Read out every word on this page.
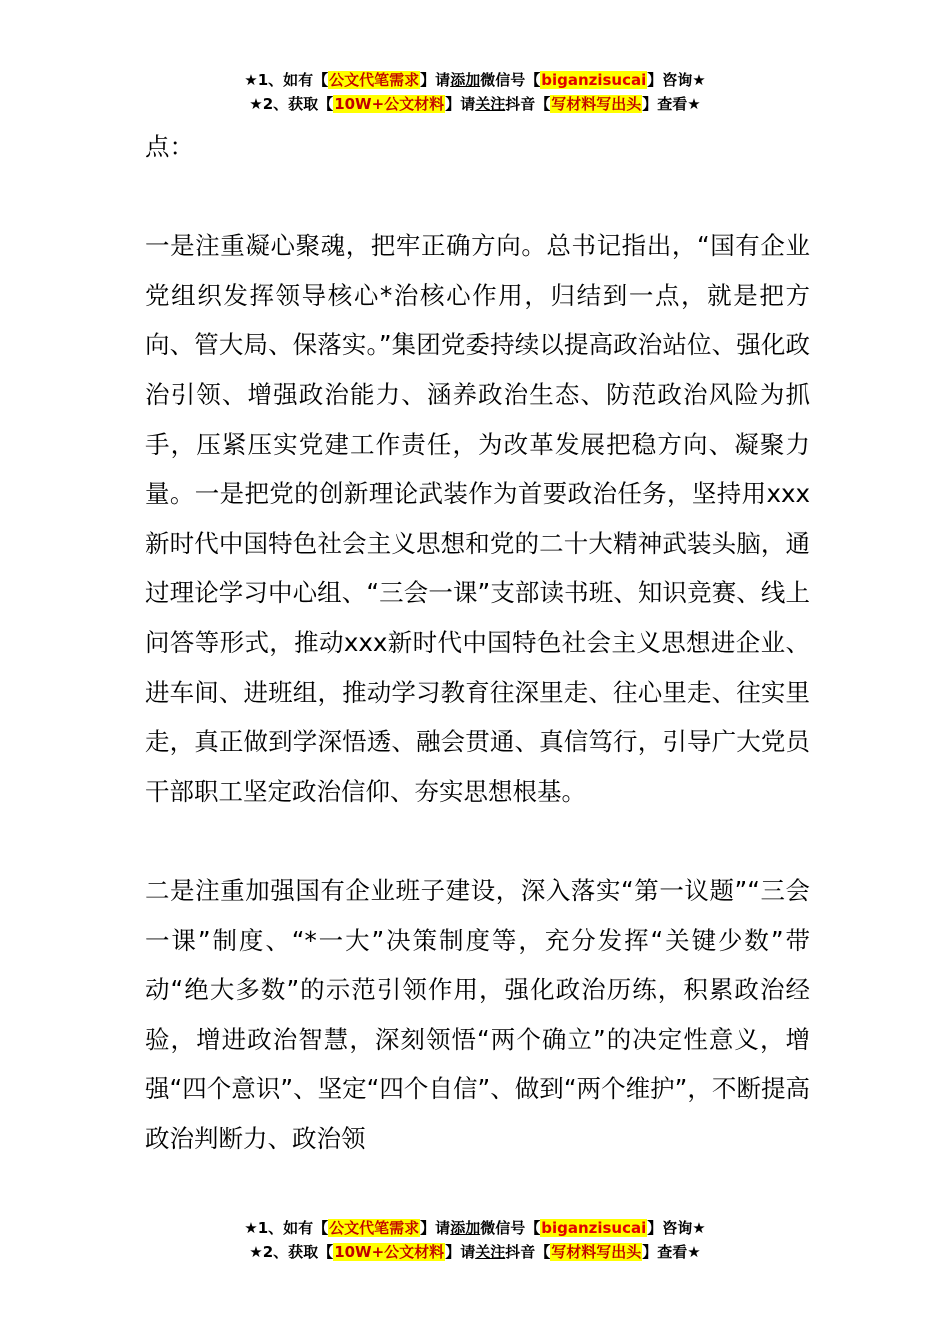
★1、如有【公文代笔需求】请添加微信号【biganzisucai】咨询★
★2、获取【10W+公文材料】请关注抖音【写材料写出头】查看★

点：

一是注重凝心聚魂，把牢正确方向。总书记指出，“国有企业党组织发挥领导核心*治核心作用，归结到一点，就是把方向、管大局、保落实。”集团党委持续以提高政治站位、强化政治引领、增强政治能力、涵养政治生态、防范政治风险为抓手，压紧压实党建工作责任，为改革发展把稳方向、凝聚力量。一是把党的创新理论武装作为首要政治任务，坚持用xxx新时代中国特色社会主义思想和党的二十大精神武装头脑，通过理论学习中心组、“三会一课”支部读书班、知识竞赛、线上问答等形式，推动xxx新时代中国特色社会主义思想进企业、进车间、进班组，推动学习教育往深里走、往心里走、往实里走，真正做到学深悟透、融会贯通、真信笃行，引导广大党员干部职工坚定政治信仰、夯实思想根基。

二是注重加强国有企业班子建设，深入落实“第一议题”“三会一课”制度、“*一大”决策制度等，充分发挥“关键少数”带动“绝大多数”的示范引领作用，强化政治历练，积累政治经验，增进政治智慧，深刻领悟“两个确立”的决定性意义，增强“四个意识”、坚定“四个自信”、做到“两个维护”，不断提高政治判断力、政治领

★1、如有【公文代笔需求】请添加微信号【biganzisucai】咨询★
★2、获取【10W+公文材料】请关注抖音【写材料写出头】查看★
